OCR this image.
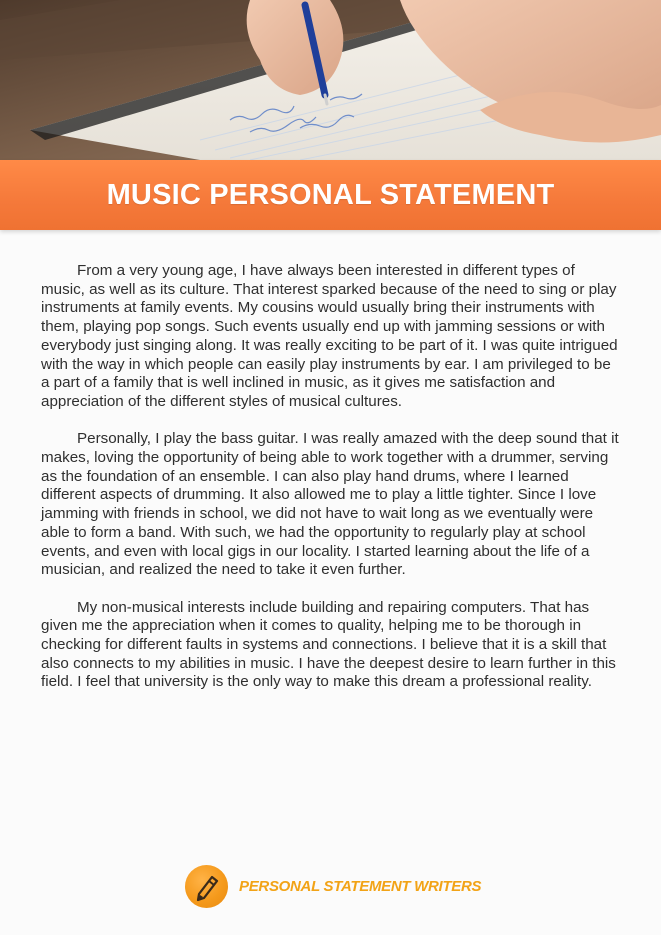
MUSIC PERSONAL STATEMENT

From a very young age, I have always been interested in different types of music, as well as its culture. That interest sparked because of the need to sing or play instruments at family events. My cousins would usually bring their instruments with them, playing pop songs. Such events usually end up with jamming sessions or with everybody just singing along. It was really exciting to be part of it. I was quite intrigued with the way in which people can easily play instruments by ear. I am privileged to be a part of a family that is well inclined in music, as it gives me satisfaction and appreciation of the different styles of musical cultures.

Personally, I play the bass guitar. I was really amazed with the deep sound that it makes, loving the opportunity of being able to work together with a drummer, serving as the foundation of an ensemble. I can also play hand drums, where I learned different aspects of drumming. It also allowed me to play a little tighter. Since I love jamming with friends in school, we did not have to wait long as we eventually were able to form a band. With such, we had the opportunity to regularly play at school events, and even with local gigs in our locality. I started learning about the life of a musician, and realized the need to take it even further.

My non-musical interests include building and repairing computers. That has given me the appreciation when it comes to quality, helping me to be thorough in checking for different faults in systems and connections. I believe that it is a skill that also connects to my abilities in music. I have the deepest desire to learn further in this field. I feel that university is the only way to make this dream a professional reality.

PERSONAL STATEMENT WRITERS
